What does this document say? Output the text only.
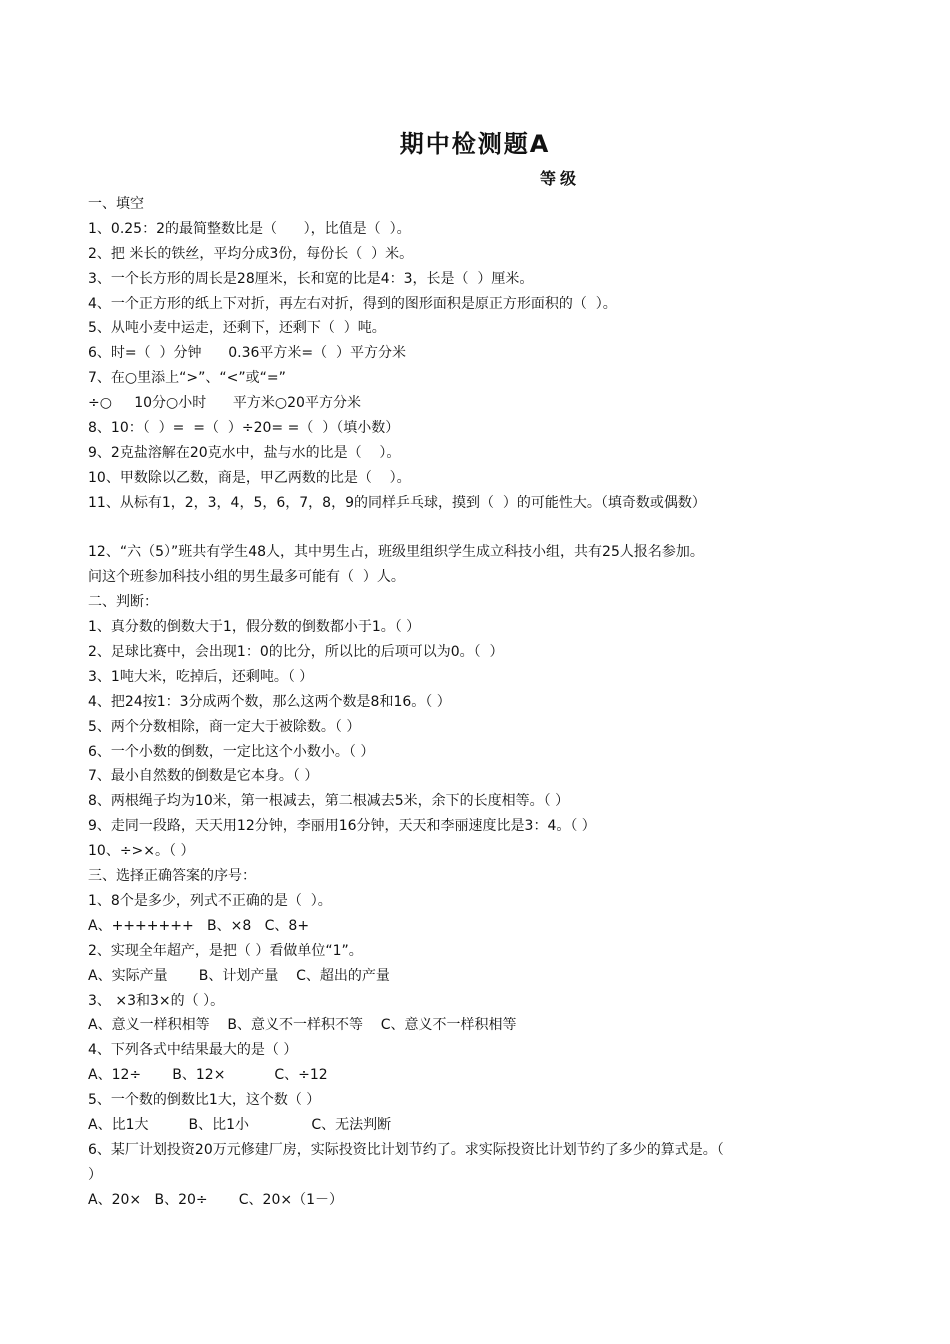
期中检测题A
等级
一、填空
1、0.25：2的最简整数比是（      ），比值是（  ）。
2、把 米长的铁丝，平均分成3份，每份长（  ）米。
3、一个长方形的周长是28厘米，长和宽的比是4：3，长是（  ）厘米。
4、一个正方形的纸上下对折，再左右对折，得到的图形面积是原正方形面积的（  ）。
5、从吨小麦中运走，还剩下，还剩下（  ）吨。
6、时=（  ）分钟      0.36平方米=（  ）平方分米
7、在○里添上“>”、“<”或“=”
÷○     10分○小时      平方米○20平方分米
8、10：（  ）=  =（  ）÷20= =（  ）（填小数）
9、2克盐溶解在20克水中，盐与水的比是（    ）。
10、甲数除以乙数，商是，甲乙两数的比是（    ）。
11、从标有1，2，3，4，5，6，7，8，9的同样乒乓球，摸到（  ）的可能性大。（填奇数或偶数）
12、“六（5）”班共有学生48人，其中男生占，班级里组织学生成立科技小组，共有25人报名参加。
问这个班参加科技小组的男生最多可能有（  ）人。
二、判断：
1、真分数的倒数大于1，假分数的倒数都小于1。（ ）
2、足球比赛中，会出现1：0的比分，所以比的后项可以为0。（  ）
3、1吨大米，吃掉后，还剩吨。（ ）
4、把24按1：3分成两个数，那么这两个数是8和16。（ ）
5、两个分数相除，商一定大于被除数。（ ）
6、一个小数的倒数，一定比这个小数小。（ ）
7、最小自然数的倒数是它本身。（ ）
8、两根绳子均为10米，第一根减去，第二根减去5米，余下的长度相等。（ ）
9、走同一段路，天天用12分钟，李丽用16分钟，天天和李丽速度比是3：4。（ ）
10、÷>×。（ ）
三、选择正确答案的序号：
1、8个是多少，列式不正确的是（  ）。
A、+++++++   B、×8   C、8+
2、实现全年超产，是把（ ）看做单位“1”。
A、实际产量       B、计划产量    C、超出的产量
3、 ×3和3×的（ ）。
A、意义一样积相等    B、意义不一样积不等    C、意义不一样积相等
4、下列各式中结果最大的是（ ）
A、12÷       B、12×           C、÷12
5、一个数的倒数比1大，这个数（ ）
A、比1大         B、比1小              C、无法判断
6、某厂计划投资20万元修建厂房，实际投资比计划节约了。求实际投资比计划节约了多少的算式是。（
）
A、20×   B、20÷       C、20×（1－）
